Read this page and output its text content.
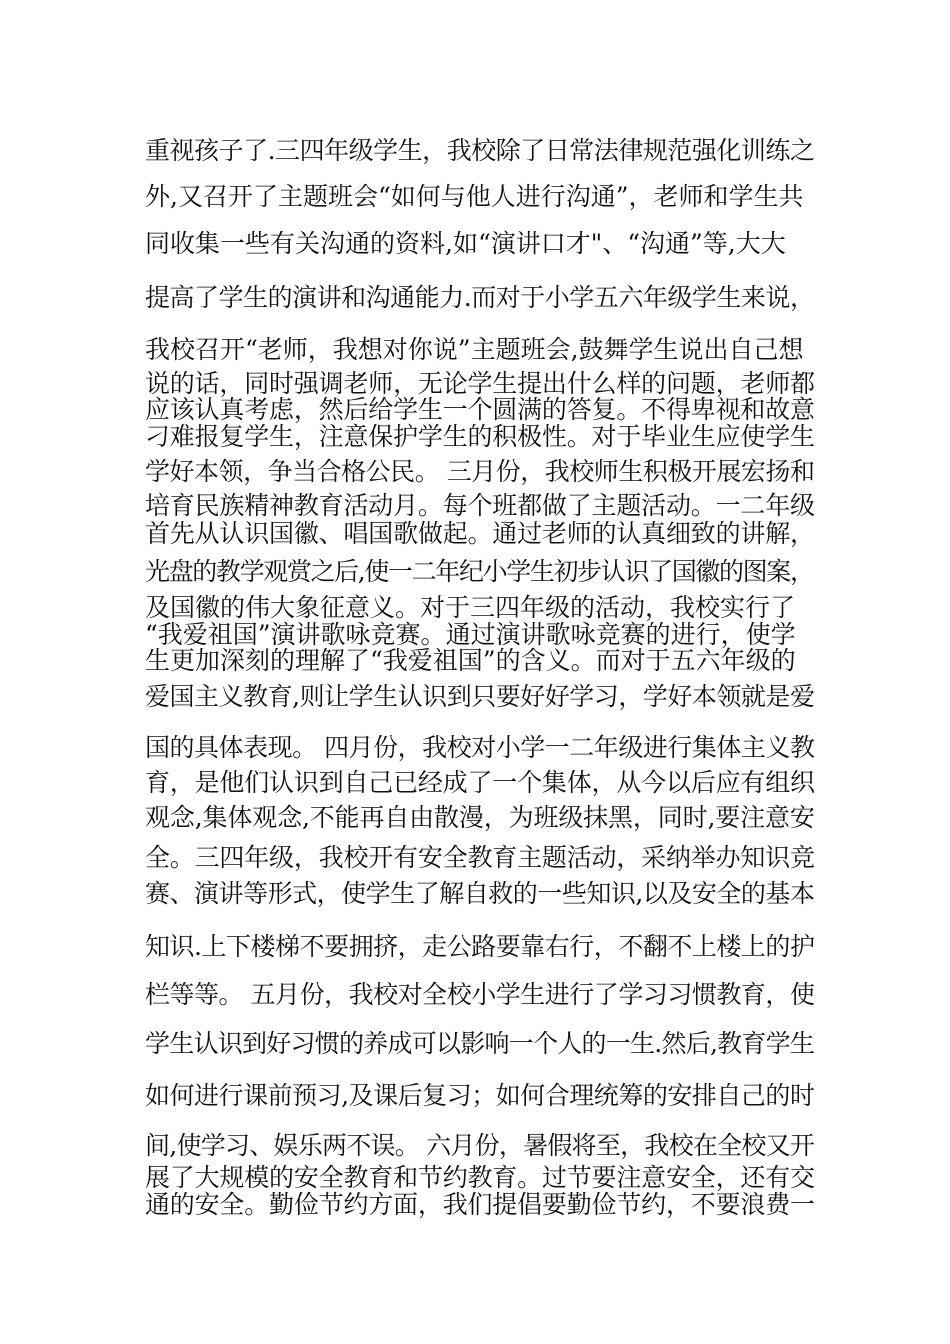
重视孩子了.三四年级学生，我校除了日常法律规范强化训练之
外,又召开了主题班会“如何与他人进行沟通”，老师和学生共
同收集一些有关沟通的资料,如“演讲口才"、“沟通”等,大大
提高了学生的演讲和沟通能力.而对于小学五六年级学生来说，
我校召开“老师，我想对你说”主题班会,鼓舞学生说出自己想
说的话，同时强调老师，无论学生提出什么样的问题，老师都
应该认真考虑，然后给学生一个圆满的答复。不得卑视和故意
刁难报复学生，注意保护学生的积极性。对于毕业生应使学生
学好本领，争当合格公民。 三月份，我校师生积极开展宏扬和
培育民族精神教育活动月。每个班都做了主题活动。一二年级
首先从认识国徽、唱国歌做起。通过老师的认真细致的讲解，
光盘的教学观赏之后,使一二年纪小学生初步认识了国徽的图案，
及国徽的伟大象征意义。对于三四年级的活动，我校实行了
“我爱祖国”演讲歌咏竞赛。通过演讲歌咏竞赛的进行，使学
生更加深刻的理解了“我爱祖国”的含义。而对于五六年级的
爱国主义教育,则让学生认识到只要好好学习，学好本领就是爱
国的具体表现。 四月份，我校对小学一二年级进行集体主义教
育，是他们认识到自己已经成了一个集体，从今以后应有组织
观念,集体观念,不能再自由散漫，为班级抹黑，同时,要注意安
全。三四年级，我校开有安全教育主题活动，采纳举办知识竞
赛、演讲等形式，使学生了解自救的一些知识,以及安全的基本
知识.上下楼梯不要拥挤，走公路要靠右行，不翻不上楼上的护
栏等等。 五月份，我校对全校小学生进行了学习习惯教育，使
学生认识到好习惯的养成可以影响一个人的一生.然后,教育学生
如何进行课前预习,及课后复习；如何合理统筹的安排自己的时
间,使学习、娱乐两不误。 六月份，暑假将至，我校在全校又开
展了大规模的安全教育和节约教育。过节要注意安全，还有交
通的安全。勤俭节约方面，我们提倡要勤俭节约，不要浪费一
